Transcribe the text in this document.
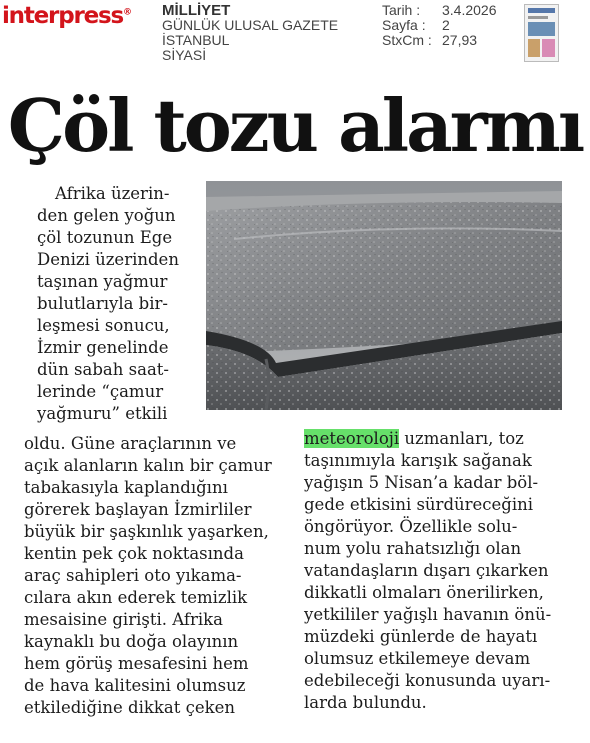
interpress® MİLLİYET
GÜNLÜK ULUSAL GAZETE
İSTANBUL
SİYASİ
Tarih :	3.4.2026
Sayfa :	2
StxCm : 27,93
Çöl tozu alarmı
Afrika üzerin-
den gelen yoğun
çöl tozunun Ege
Denizi üzerinden
taşınan yağmur
bulutlarıyla bir-
leşmesi sonucu,
İzmir genelinde
dün sabah saat-
lerinde “çamur
yağmuru” etkili
oldu. Güne araçlarının ve
açık alanların kalın bir çamur
tabakasıyla kaplandığını
görerek başlayan İzmirliler
büyük bir şaşkınlık yaşarken,
kentin pek çok noktasında
araç sahipleri oto yıkama-
cılara akın ederek temizlik
mesaisine girişti. Afrika
kaynaklı bu doğa olayının
hem görüş mesafesini hem
de hava kalitesini olumsuz
etkilediğine dikkat çeken
meteoroloji uzmanları, toz
taşınımıyla karışık sağanak
yağışın 5 Nisan’a kadar böl-
gede etkisini sürdüreceğini
öngörüyor. Özellikle solu-
num yolu rahatsızlığı olan
vatandaşların dışarı çıkarken
dikkatli olmaları önerilirken,
yetkililer yağışlı havanın önü-
müzdeki günlerde de hayatı
olumsuz etkilemeye devam
edebileceği konusunda uyarı-
larda bulundu.
